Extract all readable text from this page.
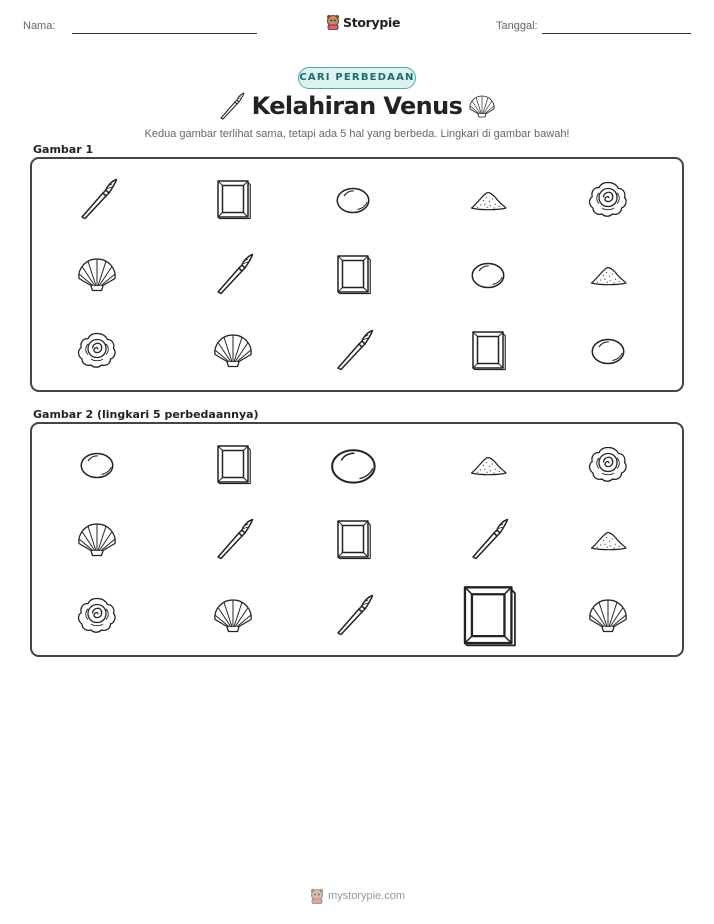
Nama:	Storypie	Tanggal:
CARI PERBEDAAN
Kelahiran Venus
Kedua gambar terlihat sama, tetapi ada 5 hal yang berbeda. Lingkari di gambar bawah!
Gambar 1
Gambar 2 (lingkari 5 perbedaannya)
mystorypie.com
